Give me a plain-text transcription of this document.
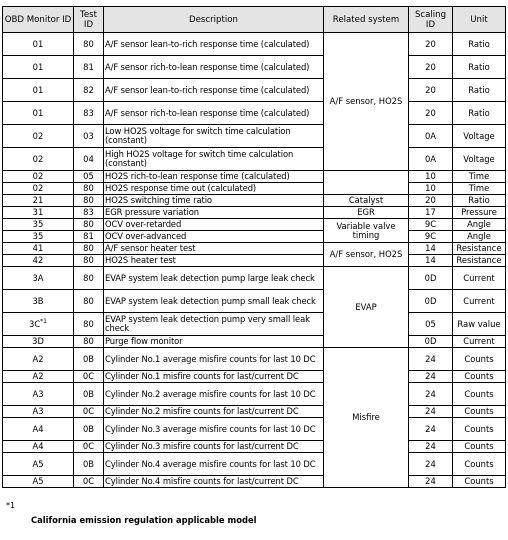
OBD Monitor ID	Test ID	Description	Related system	Scaling ID	Unit
01	80	A/F sensor lean-to-rich response time (calculated)	A/F sensor, HO2S	20	Ratio
01	81	A/F sensor rich-to-lean response time (calculated)		20	Ratio
01	82	A/F sensor lean-to-rich response time (calculated)		20	Ratio
01	83	A/F sensor rich-to-lean response time (calculated)		20	Ratio
02	03	Low HO2S voltage for switch time calculation (constant)		0A	Voltage
02	04	High HO2S voltage for switch time calculation (constant)		0A	Voltage
02	05	HO2S rich-to-lean response time (calculated)		10	Time
02	80	HO2S response time out (calculated)		10	Time
21	80	HO2S switching time ratio	Catalyst	20	Ratio
31	83	EGR pressure variation	EGR	17	Pressure
35	80	OCV over-retarded	Variable valve timing	9C	Angle
35	81	OCV over-advanced		9C	Angle
41	80	A/F sensor heater test	A/F sensor, HO2S	14	Resistance
42	80	HO2S heater test		14	Resistance
3A	80	EVAP system leak detection pump large leak check	EVAP	0D	Current
3B	80	EVAP system leak detection pump small leak check		0D	Current
$3C^{*1}$	80	EVAP system leak detection pump very small leak check		05	Raw value
3D	80	Purge flow monitor		0D	Current
A2	0B	Cylinder No.1 average misfire counts for last 10 DC	Misfire	24	Counts
A2	0C	Cylinder No.1 misfire counts for last/current DC		24	Counts
A3	0B	Cylinder No.2 average misfire counts for last 10 DC		24	Counts
A3	0C	Cylinder No.2 misfire counts for last/current DC		24	Counts
A4	0B	Cylinder No.3 average misfire counts for last 10 DC		24	Counts
A4	0C	Cylinder No.3 misfire counts for last/current DC		24	Counts
A5	0B	Cylinder No.4 average misfire counts for last 10 DC		24	Counts
A5	0C	Cylinder No.4 misfire counts for last/current DC		24	Counts
*1
California emission regulation applicable model
